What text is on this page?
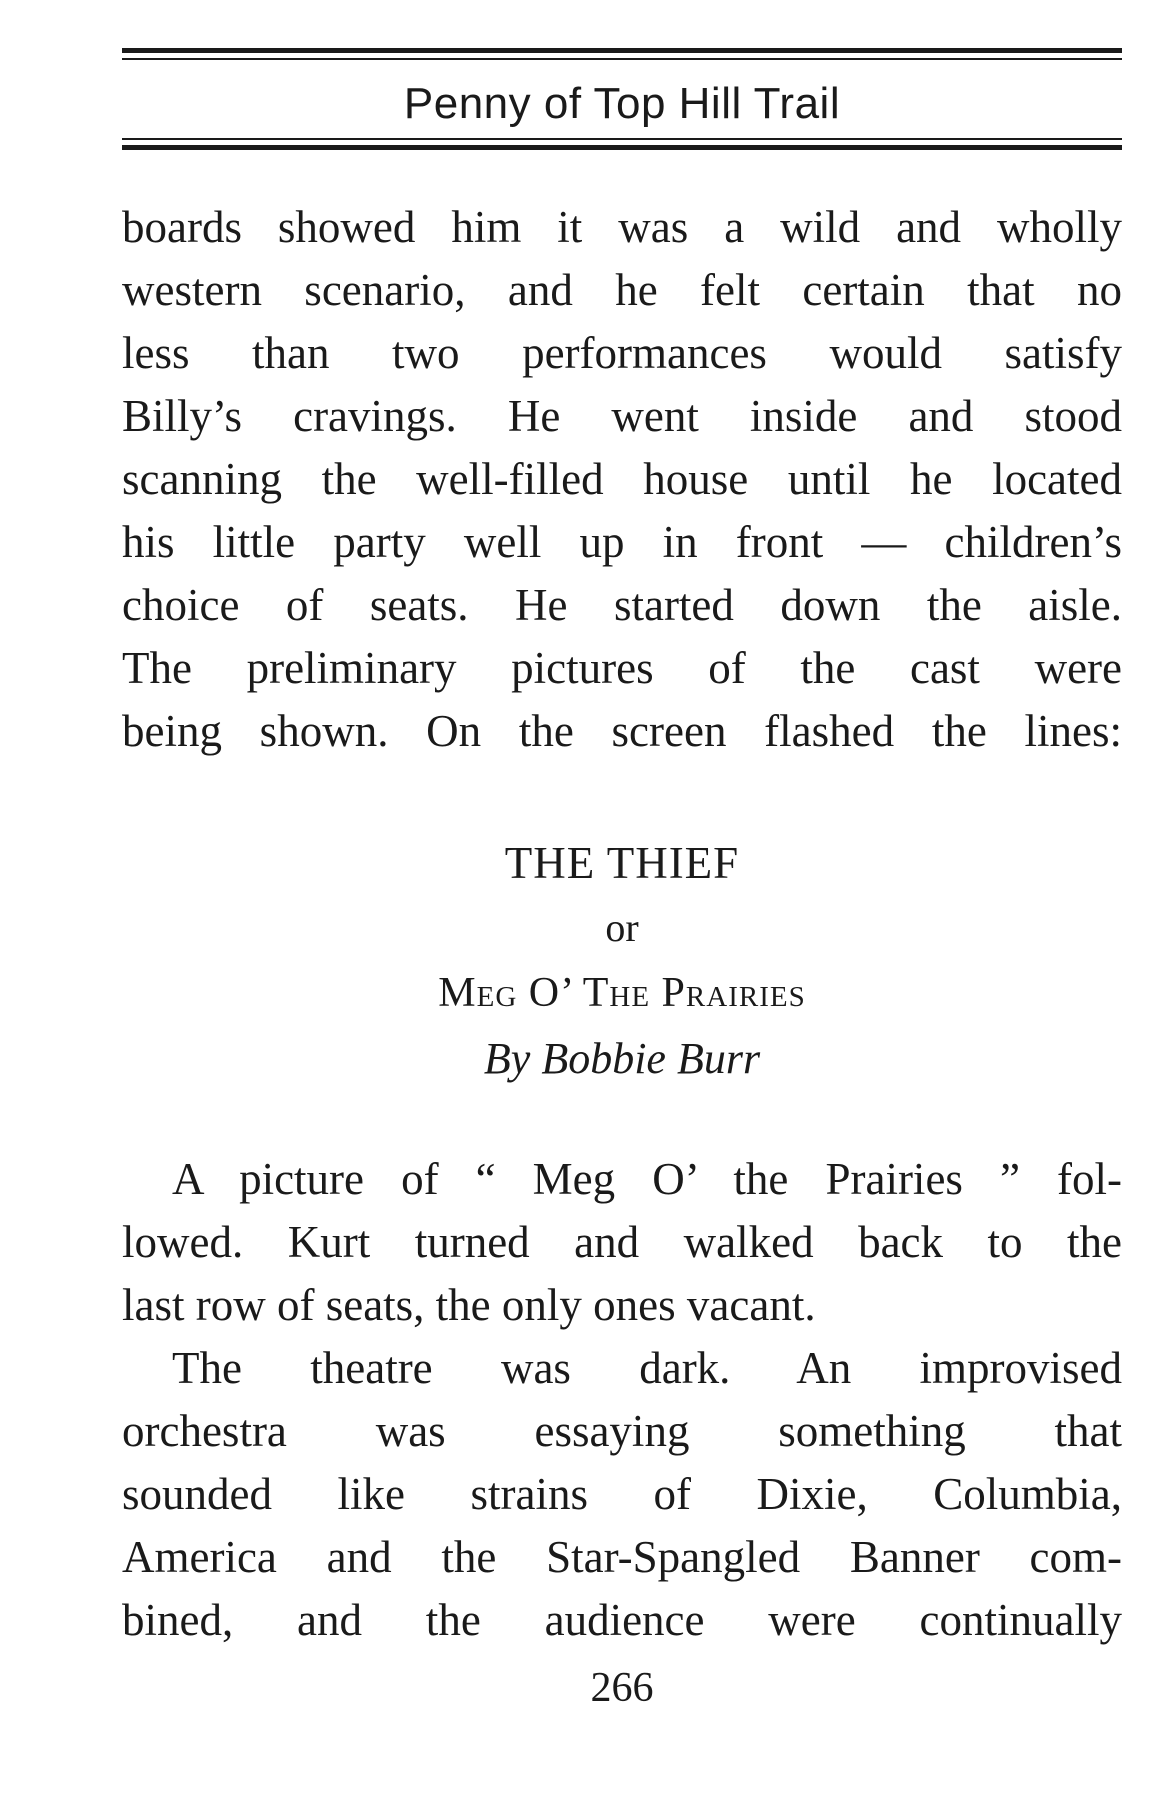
Penny of Top Hill Trail
boards showed him it was a wild and wholly
western scenario, and he felt certain that no
less than two performances would satisfy
Billy’s cravings. He went inside and stood
scanning the well-filled house until he located
his little party well up in front — children’s
choice of seats. He started down the aisle.
The preliminary pictures of the cast were
being shown. On the screen flashed the lines:
THE THIEF
or
Meg O’ The Prairies
By Bobbie Burr
A picture of “ Meg O’ the Prairies ” fol-
lowed. Kurt turned and walked back to the
last row of seats, the only ones vacant.
The theatre was dark. An improvised
orchestra was essaying something that
sounded like strains of Dixie, Columbia,
America and the Star-Spangled Banner com-
bined, and the audience were continually
266
